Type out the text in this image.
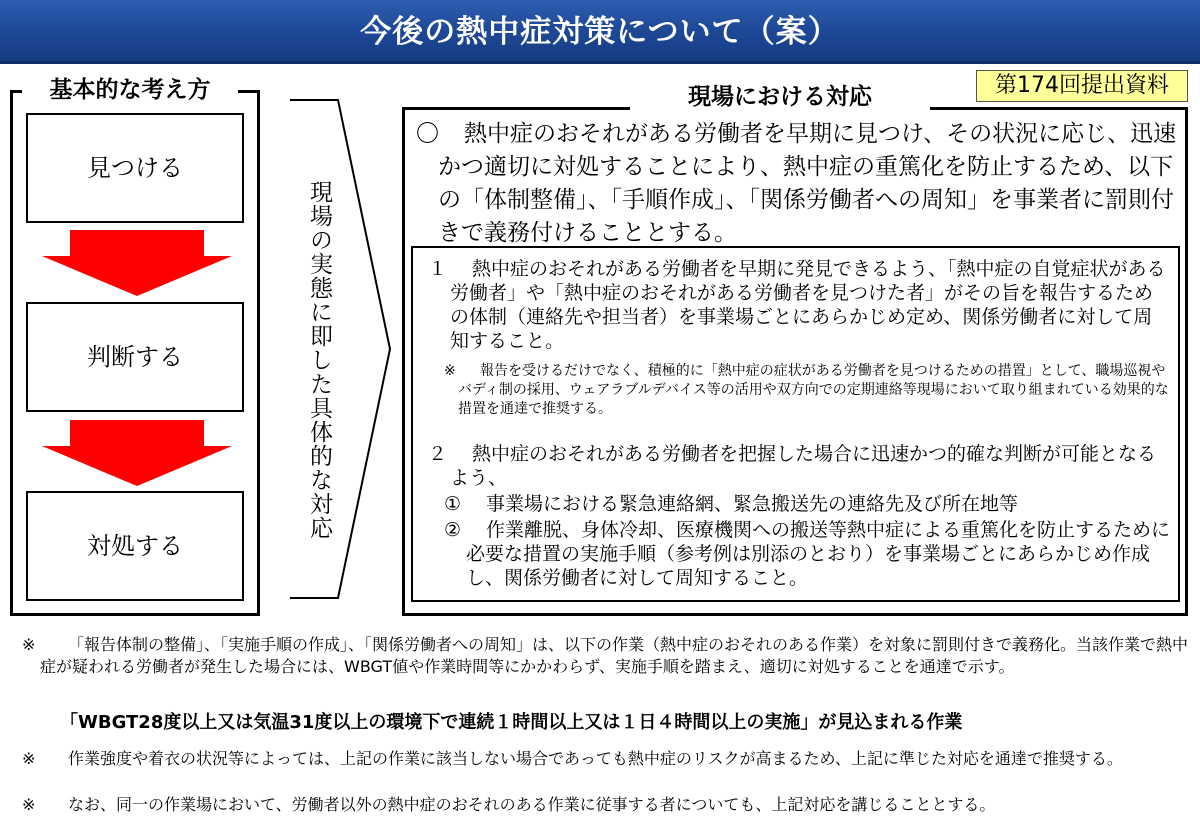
今後の熱中症対策について（案）
第174回提出資料
基本的な考え方
見つける
判断する
対処する
現場の実態に即した具体的な対応
現場における対応
〇	熱中症のおそれがある労働者を早期に見つけ、その状況に応じ、迅速かつ適切に対処することにより、熱中症の重篤化を防止するため、以下の「体制整備」、「手順作成」、「関係労働者への周知」を事業者に罰則付きで義務付けることとする。
１	熱中症のおそれがある労働者を早期に発見できるよう、「熱中症の自覚症状がある労働者」や「熱中症のおそれがある労働者を見つけた者」がその旨を報告するための体制（連絡先や担当者）を事業場ごとにあらかじめ定め、関係労働者に対して周知すること。
※	報告を受けるだけでなく、積極的に「熱中症の症状がある労働者を見つけるための措置」として、職場巡視やバディ制の採用、ウェアラブルデバイス等の活用や双方向での定期連絡等現場において取り組まれている効果的な措置を通達で推奨する。
２	熱中症のおそれがある労働者を把握した場合に迅速かつ的確な判断が可能となるよう、
①	事業場における緊急連絡網、緊急搬送先の連絡先及び所在地等
②	作業離脱、身体冷却、医療機関への搬送等熱中症による重篤化を防止するために必要な措置の実施手順（参考例は別添のとおり）を事業場ごとにあらかじめ作成し、関係労働者に対して周知すること。
※	「報告体制の整備」、「実施手順の作成」、「関係労働者への周知」は、以下の作業（熱中症のおそれのある作業）を対象に罰則付きで義務化。当該作業で熱中症が疑われる労働者が発生した場合には、WBGT値や作業時間等にかかわらず、実施手順を踏まえ、適切に対処することを通達で示す。
「WBGT28度以上又は気温31度以上の環境下で連続１時間以上又は１日４時間以上の実施」が見込まれる作業
※	作業強度や着衣の状況等によっては、上記の作業に該当しない場合であっても熱中症のリスクが高まるため、上記に準じた対応を通達で推奨する。
※	なお、同一の作業場において、労働者以外の熱中症のおそれのある作業に従事する者についても、上記対応を講じることとする。
